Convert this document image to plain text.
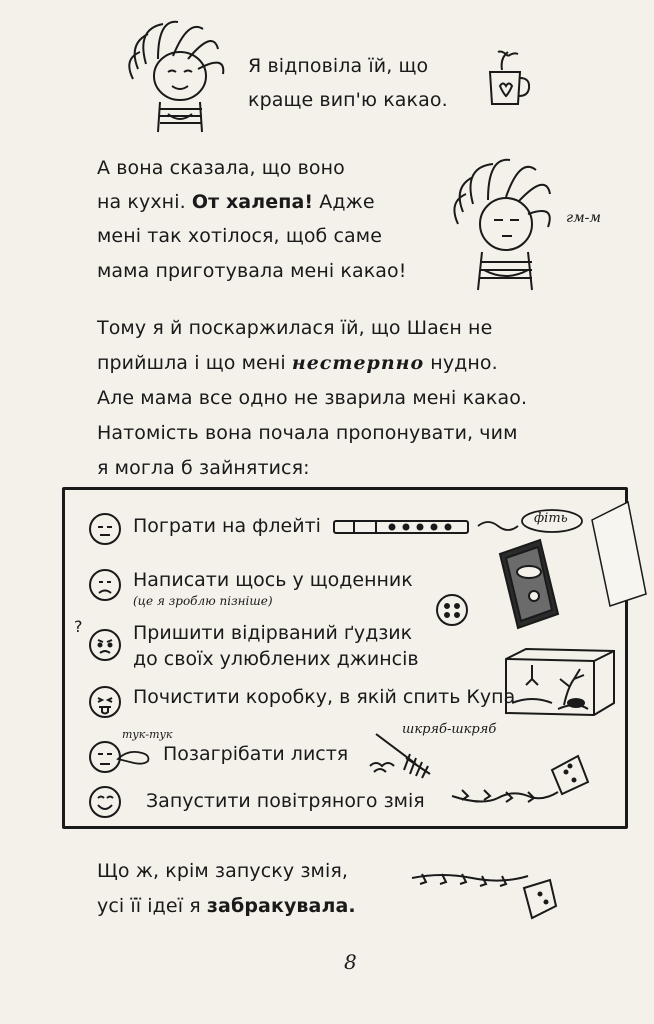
Я відповіла їй, що
краще вип'ю какао.
А вона сказала, що воно
на кухні. От халепа! Адже
мені так хотілося, щоб саме
мама приготувала мені какао!
гм-м
Тому я й поскаржилася їй, що Шаєн не
прийшла і що мені нестерпно нудно.
Але мама все одно не зварила мені какао.
Натомість вона почала пропонувати, чим
я могла б зайнятися:
Пограти на флейті	фіть
Написати щось у щоденник
(це я зроблю пізніше)
?	Пришити відірваний ґудзик
до своїх улюблених джинсів
Почистити коробку, в якій спить Купа
тук-тук
Позагрібати листя
шкряб-шкряб
Запустити повітряного змія
Що ж, крім запуску змія,
усі її ідеї я забракувала.
8
